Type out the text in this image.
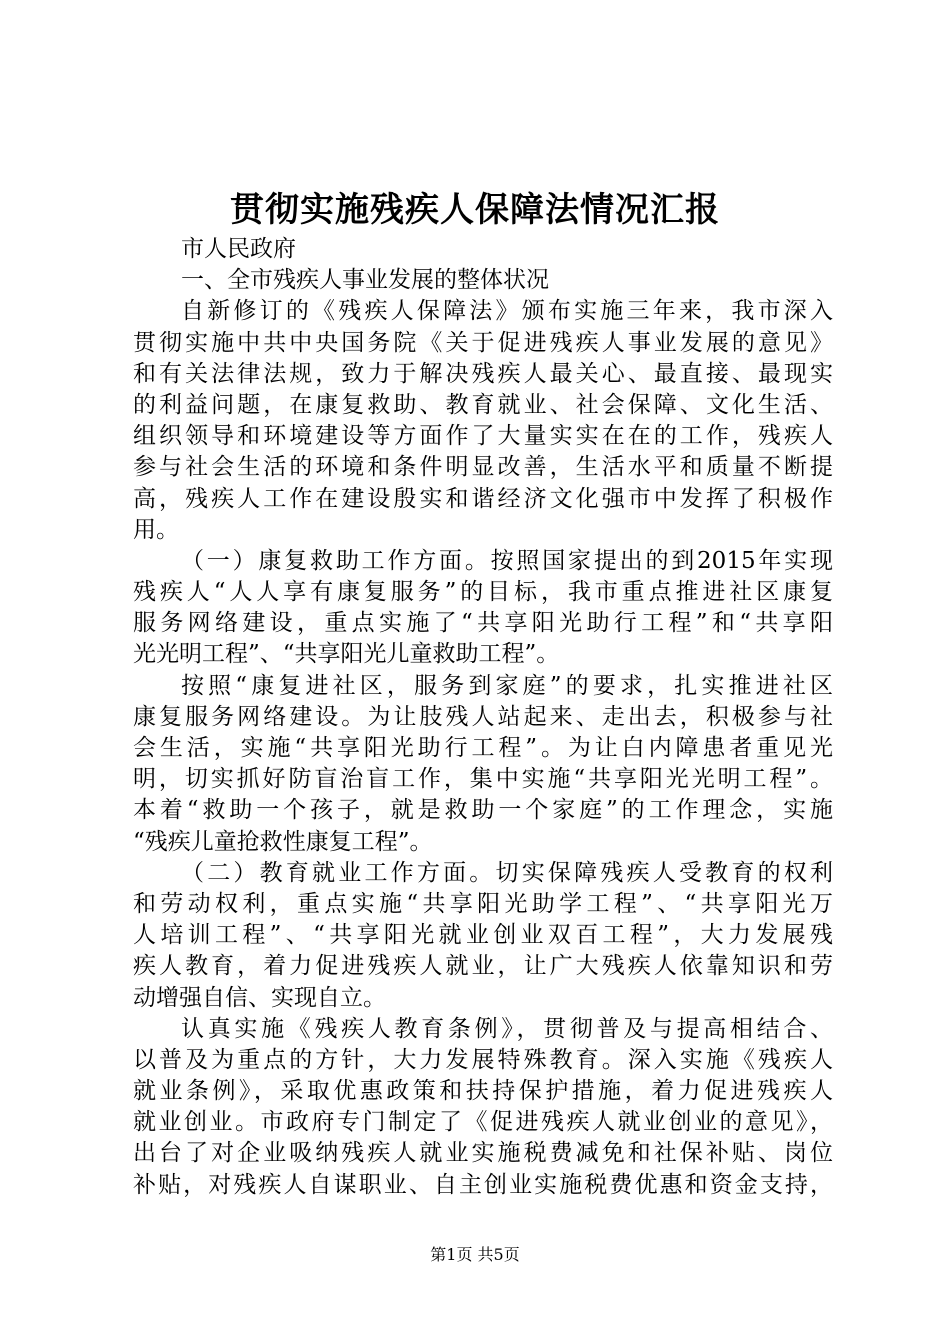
贯彻实施残疾人保障法情况汇报
市人民政府
一、全市残疾人事业发展的整体状况
自新修订的《残疾人保障法》颁布实施三年来，我市深入
贯彻实施中共中央国务院《关于促进残疾人事业发展的意见》
和有关法律法规，致力于解决残疾人最关心、最直接、最现实
的利益问题，在康复救助、教育就业、社会保障、文化生活、
组织领导和环境建设等方面作了大量实实在在的工作，残疾人
参与社会生活的环境和条件明显改善，生活水平和质量不断提
高，残疾人工作在建设殷实和谐经济文化强市中发挥了积极作
用。
（一）康复救助工作方面。按照国家提出的到2015年实现
残疾人“人人享有康复服务”的目标，我市重点推进社区康复
服务网络建设，重点实施了“共享阳光助行工程”和“共享阳
光光明工程”、“共享阳光儿童救助工程”。
按照“康复进社区，服务到家庭”的要求，扎实推进社区
康复服务网络建设。为让肢残人站起来、走出去，积极参与社
会生活，实施“共享阳光助行工程”。为让白内障患者重见光
明，切实抓好防盲治盲工作，集中实施“共享阳光光明工程”。
本着“救助一个孩子，就是救助一个家庭”的工作理念，实施
“残疾儿童抢救性康复工程”。
（二）教育就业工作方面。切实保障残疾人受教育的权利
和劳动权利，重点实施“共享阳光助学工程”、“共享阳光万
人培训工程”、“共享阳光就业创业双百工程”，大力发展残
疾人教育，着力促进残疾人就业，让广大残疾人依靠知识和劳
动增强自信、实现自立。
认真实施《残疾人教育条例》，贯彻普及与提高相结合、
以普及为重点的方针，大力发展特殊教育。深入实施《残疾人
就业条例》，采取优惠政策和扶持保护措施，着力促进残疾人
就业创业。市政府专门制定了《促进残疾人就业创业的意见》，
出台了对企业吸纳残疾人就业实施税费减免和社保补贴、岗位
补贴，对残疾人自谋职业、自主创业实施税费优惠和资金支持，
第1页 共5页
